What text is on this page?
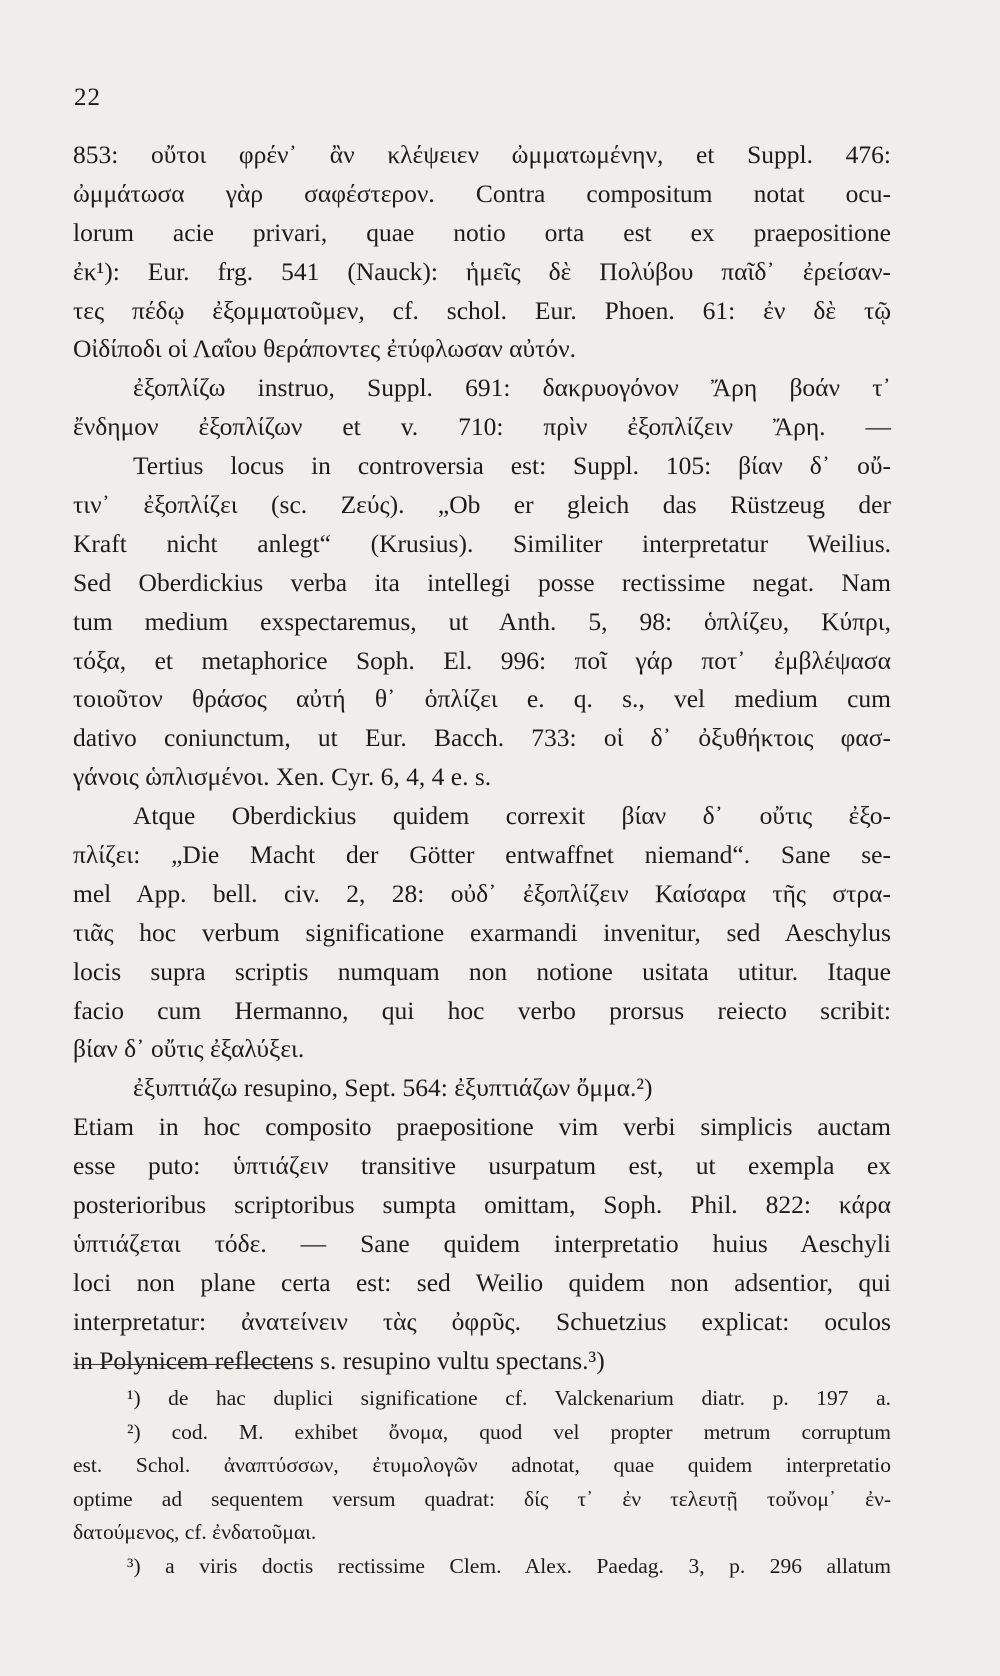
22
853: οὔτοι φρέν᾽ ἂν κλέψειεν ὠμματωμένην, et Suppl. 476:
ὠμμάτωσα γὰρ σαφέστερον. Contra compositum notat ocu-
lorum acie privari, quae notio orta est ex praepositione
ἐκ¹): Eur. frg. 541 (Nauck): ἡμεῖς δὲ Πολύβου παῖδ᾽ ἐρείσαν-
τες πέδῳ ἐξομματοῦμεν, cf. schol. Eur. Phoen. 61: ἐν δὲ τῷ
Οἰδίποδι οἱ Λαΐου θεράποντες ἐτύφλωσαν αὐτόν.
ἐξοπλίζω instruo, Suppl. 691: δακρυογόνον Ἄρη βοάν τ᾽
ἔνδημον ἐξοπλίζων et v. 710: πρὶν ἐξοπλίζειν Ἄρη. —
Tertius locus in controversia est: Suppl. 105: βίαν δ᾽ οὔ-
τιν᾽ ἐξοπλίζει (sc. Ζεύς). „Ob er gleich das Rüstzeug der
Kraft nicht anlegt“ (Krusius). Similiter interpretatur Weilius.
Sed Oberdickius verba ita intellegi posse rectissime negat. Nam
tum medium exspectaremus, ut Anth. 5, 98: ὁπλίζευ, Κύπρι,
τόξα, et metaphorice Soph. El. 996: ποῖ γάρ ποτ᾽ ἐμβλέψασα
τοιοῦτον θράσος αὐτή θ᾽ ὁπλίζει e. q. s., vel medium cum
dativo coniunctum, ut Eur. Bacch. 733: οἱ δ᾽ ὀξυθήκτοις φασ-
γάνοις ὡπλισμένοι. Xen. Cyr. 6, 4, 4 e. s.
Atque Oberdickius quidem correxit βίαν δ᾽ οὔτις ἐξο-
πλίζει: „Die Macht der Götter entwaffnet niemand“. Sane se-
mel App. bell. civ. 2, 28: οὐδ᾽ ἐξοπλίζειν Καίσαρα τῆς στρα-
τιᾶς hoc verbum significatione exarmandi invenitur, sed Aeschylus
locis supra scriptis numquam non notione usitata utitur. Itaque
facio cum Hermanno, qui hoc verbo prorsus reiecto scribit:
βίαν δ᾽ οὔτις ἐξαλύξει.
ἐξυπτιάζω resupino, Sept. 564: ἐξυπτιάζων ὄμμα.²)
Etiam in hoc composito praepositione vim verbi simplicis auctam
esse puto: ὑπτιάζειν transitive usurpatum est, ut exempla ex
posterioribus scriptoribus sumpta omittam, Soph. Phil. 822: κάρα
ὑπτιάζεται τόδε. — Sane quidem interpretatio huius Aeschyli
loci non plane certa est: sed Weilio quidem non adsentior, qui
interpretatur: ἀνατείνειν τὰς ὀφρῦς. Schuetzius explicat: oculos
in Polynicem reflectens s. resupino vultu spectans.³)
¹) de hac duplici significatione cf. Valckenarium diatr. p. 197 a.
²) cod. M. exhibet ὄνομα, quod vel propter metrum corruptum
est. Schol. ἀναπτύσσων, ἐτυμολογῶν adnotat, quae quidem interpretatio
optime ad sequentem versum quadrat: δίς τ᾽ ἐν τελευτῇ τοὔνομ᾽ ἐν-
δατούμενος, cf. ἐνδατοῦμαι.
³) a viris doctis rectissime Clem. Alex. Paedag. 3, p. 296 allatum
